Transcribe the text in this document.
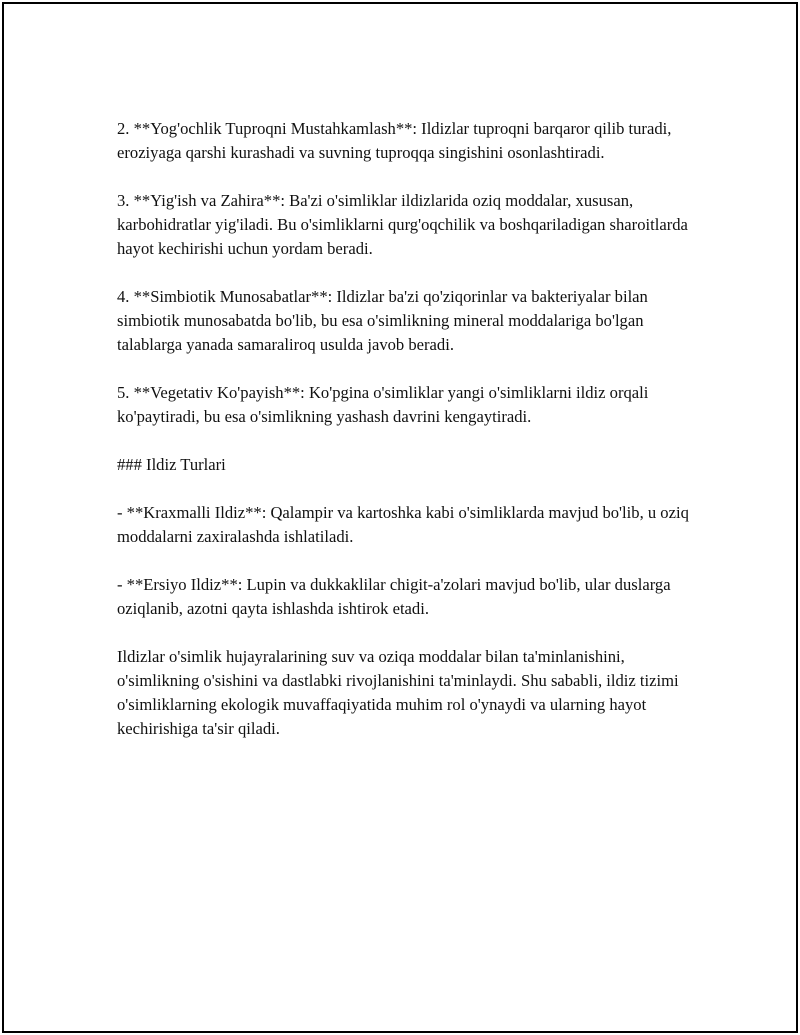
2. **Yog'ochlik Tuproqni Mustahkamlash**: Ildizlar tuproqni barqaror qilib turadi, eroziyaga qarshi kurashadi va suvning tuproqqa singishini osonlashtiradi.

3. **Yig'ish va Zahira**: Ba'zi o'simliklar ildizlarida oziq moddalar, xususan, karbohidratlar yig'iladi. Bu o'simliklarni qurg'oqchilik va boshqariladigan sharoitlarda hayot kechirishi uchun yordam beradi.

4. **Simbiotik Munosabatlar**: Ildizlar ba'zi qo'ziqorinlar va bakteriyalar bilan simbiotik munosabatda bo'lib, bu esa o'simlikning mineral moddalariga bo'lgan talablarga yanada samaraliroq usulda javob beradi.

5. **Vegetativ Ko'payish**: Ko'pgina o'simliklar yangi o'simliklarni ildiz orqali ko'paytiradi, bu esa o'simlikning yashash davrini kengaytiradi.

### Ildiz Turlari

- **Kraxmalli Ildiz**: Qalampir va kartoshka kabi o'simliklarda mavjud bo'lib, u oziq moddalarni zaxiralashda ishlatiladi.

- **Ersiyo Ildiz**: Lupin va dukkaklilar chigit-a'zolari mavjud bo'lib, ular duslarga oziqlanib, azotni qayta ishlashda ishtirok etadi.

Ildizlar o'simlik hujayralarining suv va oziqa moddalar bilan ta'minlanishini, o'simlikning o'sishini va dastlabki rivojlanishini ta'minlaydi. Shu sababli, ildiz tizimi o'simliklarning ekologik muvaffaqiyatida muhim rol o'ynaydi va ularning hayot kechirishiga ta'sir qiladi.
